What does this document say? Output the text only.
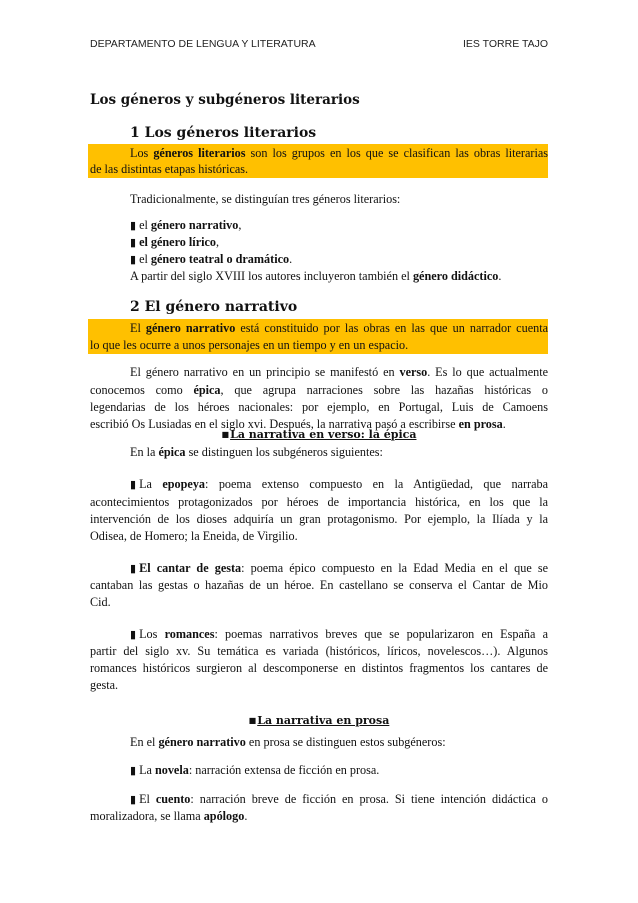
DEPARTAMENTO DE LENGUA Y LITERATURA	IES TORRE TAJO
Los géneros y subgéneros literarios
1 Los géneros literarios
Los géneros literarios son los grupos en los que se clasifican las obras literarias
de las distintas etapas históricas.
Tradicionalmente, se distinguían tres géneros literarios:
▮ el género narrativo,
▮ el género lírico,
▮ el género teatral o dramático.
A partir del siglo XVIII los autores incluyeron también el género didáctico.
2 El género narrativo
El género narrativo está constituido por las obras en las que un narrador cuenta
lo que les ocurre a unos personajes en un tiempo y en un espacio.
El género narrativo en un principio se manifestó en verso. Es lo que actualmente
conocemos como épica, que agrupa narraciones sobre las hazañas históricas o
legendarias de los héroes nacionales: por ejemplo, en Portugal, Luis de Camoens
escribió Os Lusiadas en el siglo xvi. Después, la narrativa pasó a escribirse en prosa.
■La narrativa en verso: la épica
En la épica se distinguen los subgéneros siguientes:
▮ La epopeya: poema extenso compuesto en la Antigüedad, que narraba
acontecimientos protagonizados por héroes de importancia histórica, en los que la
intervención de los dioses adquiría un gran protagonismo. Por ejemplo, la Ilíada y la
Odisea, de Homero; la Eneida, de Virgilio.
▮ El cantar de gesta: poema épico compuesto en la Edad Media en el que se
cantaban las gestas o hazañas de un héroe. En castellano se conserva el Cantar de Mio
Cid.
▮ Los romances: poemas narrativos breves que se popularizaron en España a
partir del siglo xv. Su temática es variada (históricos, líricos, novelescos…). Algunos
romances históricos surgieron al descomponerse en distintos fragmentos los cantares de
gesta.
■La narrativa en prosa
En el género narrativo en prosa se distinguen estos subgéneros:
▮ La novela: narración extensa de ficción en prosa.
▮ El cuento: narración breve de ficción en prosa. Si tiene intención didáctica o
moralizadora, se llama apólogo.
